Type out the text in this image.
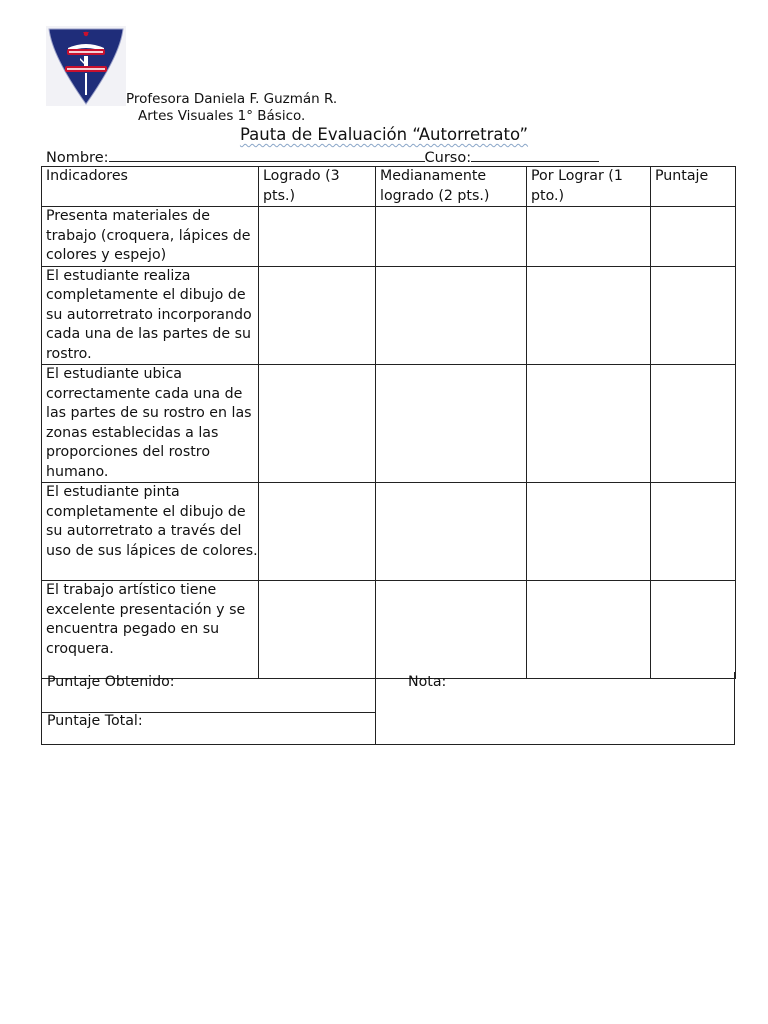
Profesora Daniela F. Guzmán R.
Artes Visuales 1° Básico.
Pauta de Evaluación “Autorretrato”
Nombre:	Curso:
Indicadores	Logrado (3 pts.)	Medianamente logrado (2 pts.)	Por Lograr (1 pto.)	Puntaje
Presenta materiales de trabajo (croquera, lápices de colores y espejo)				
El estudiante realiza completamente el dibujo de su autorretrato incorporando cada una de las partes de su rostro.				
El estudiante ubica correctamente cada una de las partes de su rostro en las zonas establecidas a las proporciones del rostro humano.				
El estudiante pinta completamente el dibujo de su autorretrato a través del uso de sus lápices de colores.				
El trabajo artístico tiene excelente presentación y se encuentra pegado en su croquera.				
Puntaje Obtenido:
Puntaje Total:
Nota:
